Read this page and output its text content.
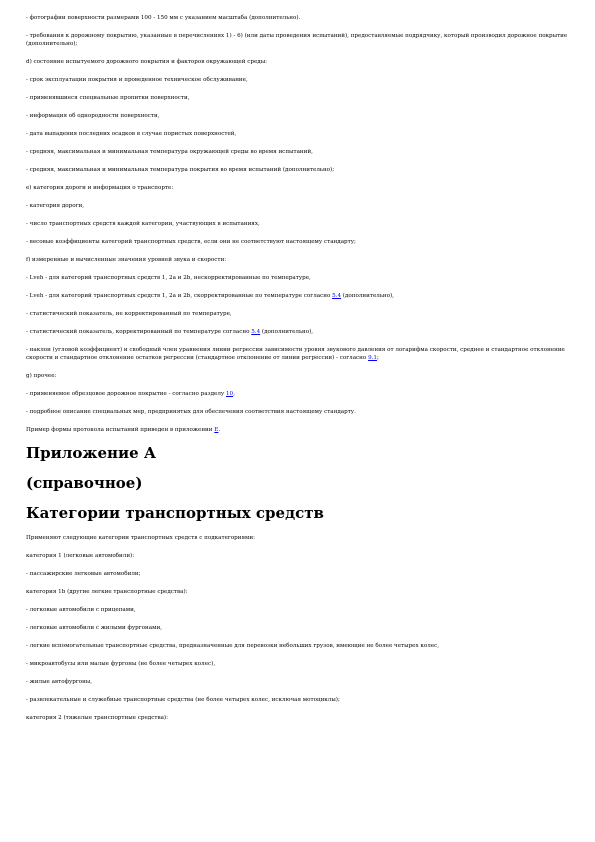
- фотографии поверхности размерами 100 - 150 мм с указанием масштаба (дополнительно).

- требования к дорожному покрытию, указанные в перечислениях 1) - 6) (или даты проведения испытаний), предоставляемые подрядчику, который производил дорожное покрытие (дополнительно);

d) состояние испытуемого дорожного покрытия и факторов окружающей среды:

- срок эксплуатации покрытия и проведенное техническое обслуживание,

- применявшиеся специальные пропитки поверхности,

- информация об однородности поверхности,

- дата выпадения последних осадков в случае пористых поверхностей,

- средняя, максимальная и минимальная температура окружающей среды во время испытаний,

- средняя, максимальная и минимальная температура покрытия во время испытаний (дополнительно);

e) категория дороги и информация о транспорте:

- категория дороги,

- число транспортных средств каждой категории, участвующих в испытаниях,

- весовые коэффициенты категорий транспортных средств, если они не соответствуют настоящему стандарту;

f) измеренные и вычисленные значения уровней звука и скорости:

- Lveh - для категорий транспортных средств 1, 2a и 2b, нескорректированные по температуре,

- Lveh - для категорий транспортных средств 1, 2a и 2b, скорректированные по температуре согласно 5.4 (дополнительно),

- статистический показатель, не корректированный по температуре,

- статистический показатель, корректированный по температуре согласно 5.4 (дополнительно),

- наклон (угловой коэффициент) и свободный член уравнения линии регрессии зависимости уровня звукового давления от логарифма скорости, среднее и стандартное отклонение скорости и стандартное отклонение остатков регрессии (стандартное отклонение от линии регрессии) - согласно 9.1;

g) прочее:

- применяемое обрезцовое дорожное покрытие - согласно разделу 10,

- подробное описание специальных мер, предпринятых для обеспечения соответствия настоящему стандарту.

Пример формы протокола испытаний приведен в приложении Е.

Приложение А
(справочное)
Категории транспортных средств

Применяют следующие категории транспортных средств с подкатегориями:

категория 1 (легковые автомобили):

- пассажирские легковые автомобили;

категория 1b (другие легкие транспортные средства):

- легковые автомобили с прицепами,

- легковые автомобили с жилыми фургонами,

- легкие вспомогательные транспортные средства, предназначенные для перевозки небольших грузов, имеющие не более четырех колес,

- микроавтобусы или малые фургоны (не более четырех колес),

- жилые автофургоны,

- развлекательные и служебные транспортные средства (не более четырех колес, исключая мотоциклы);

категория 2 (тяжелые транспортные средства):
